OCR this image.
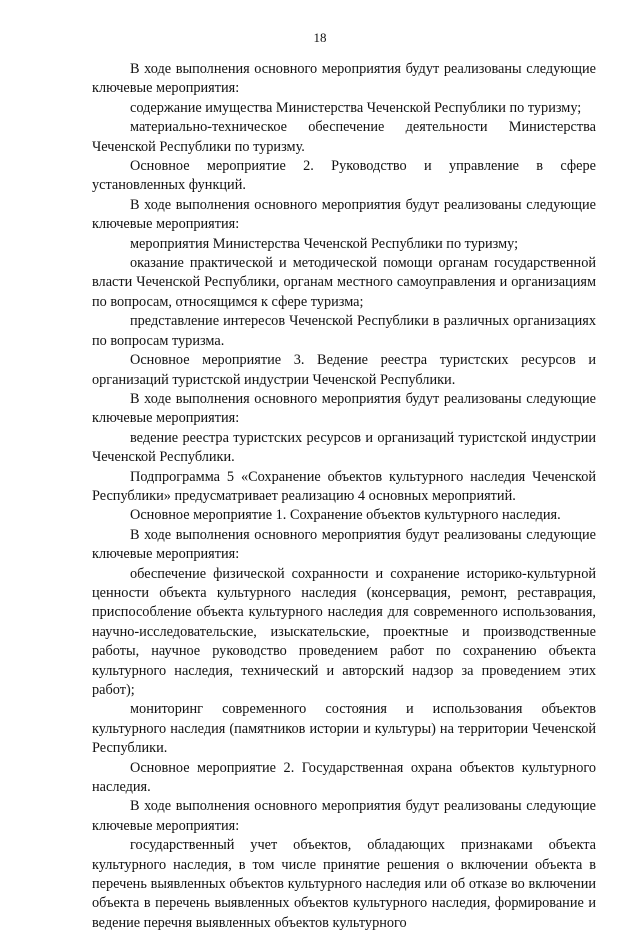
18

В ходе выполнения основного мероприятия будут реализованы следующие ключевые мероприятия:

содержание имущества Министерства Чеченской Республики по туризму;

материально-техническое обеспечение деятельности Министерства Чеченской Республики по туризму.

Основное мероприятие 2. Руководство и управление в сфере установленных функций.

В ходе выполнения основного мероприятия будут реализованы следующие ключевые мероприятия:

мероприятия Министерства Чеченской Республики по туризму;

оказание практической и методической помощи органам государственной власти Чеченской Республики, органам местного самоуправления и организациям по вопросам, относящимся к сфере туризма;

представление интересов Чеченской Республики в различных организациях по вопросам туризма.

Основное мероприятие 3. Ведение реестра туристских ресурсов и организаций туристской индустрии Чеченской Республики.

В ходе выполнения основного мероприятия будут реализованы следующие ключевые мероприятия:

ведение реестра туристских ресурсов и организаций туристской индустрии Чеченской Республики.

Подпрограмма 5 «Сохранение объектов культурного наследия Чеченской Республики» предусматривает реализацию 4 основных мероприятий.

Основное мероприятие 1. Сохранение объектов культурного наследия.

В ходе выполнения основного мероприятия будут реализованы следующие ключевые мероприятия:

обеспечение физической сохранности и сохранение историко-культурной ценности объекта культурного наследия (консервация, ремонт, реставрация, приспособление объекта культурного наследия для современного использования, научно-исследовательские, изыскательские, проектные и производственные работы, научное руководство проведением работ по сохранению объекта культурного наследия, технический и авторский надзор за проведением этих работ);

мониторинг современного состояния и использования объектов культурного наследия (памятников истории и культуры) на территории Чеченской Республики.

Основное мероприятие 2. Государственная охрана объектов культурного наследия.

В ходе выполнения основного мероприятия будут реализованы следующие ключевые мероприятия:

государственный учет объектов, обладающих признаками объекта культурного наследия, в том числе принятие решения о включении объекта в перечень выявленных объектов культурного наследия или об отказе во включении объекта в перечень выявленных объектов культурного наследия, формирование и ведение перечня выявленных объектов культурного
